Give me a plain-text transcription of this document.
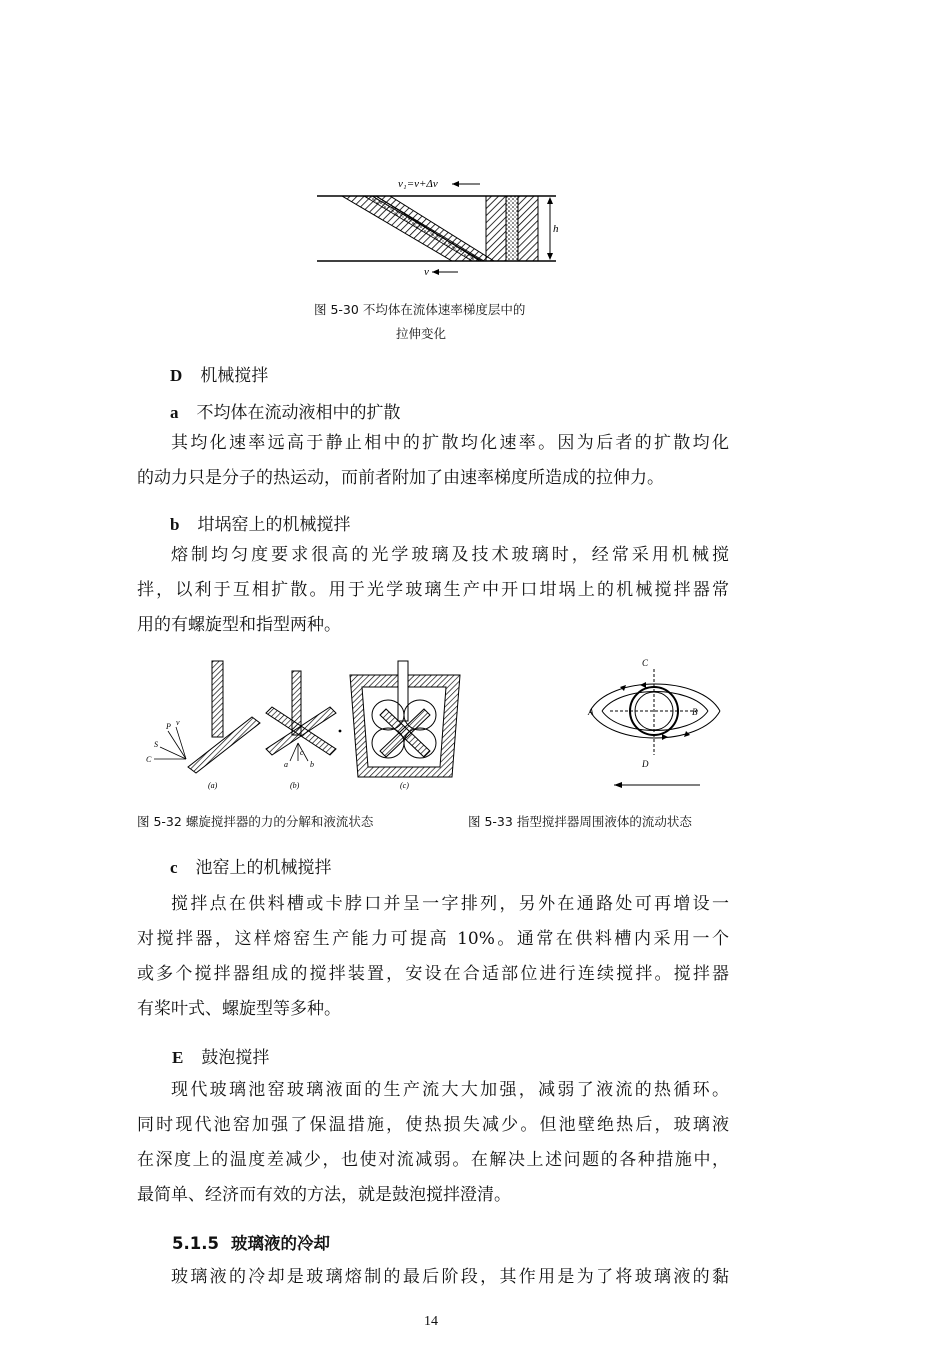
h
v₁=v+Δv
v
图 5-30 不均体在流体速率梯度层中的
拉伸变化
D 机械搅拌
a 不均体在流动液相中的扩散
其均化速率远高于静止相中的扩散均化速率。因为后者的扩散均化
的动力只是分子的热运动，而前者附加了由速率梯度所造成的拉伸力。
b 坩埚窑上的机械搅拌
熔制均匀度要求很高的光学玻璃及技术玻璃时，经常采用机械搅
拌，以利于互相扩散。用于光学玻璃生产中开口坩埚上的机械搅拌器常
用的有螺旋型和指型两种。
P v
S
C
(a)
a
c
b
(b)	(c)
A	B
C
D
图 5-32 螺旋搅拌器的力的分解和液流状态	图 5-33 指型搅拌器周围液体的流动状态
c 池窑上的机械搅拌
搅拌点在供料槽或卡脖口并呈一字排列，另外在通路处可再增设一
对搅拌器，这样熔窑生产能力可提高 10%。通常在供料槽内采用一个
或多个搅拌器组成的搅拌装置，安设在合适部位进行连续搅拌。搅拌器
有桨叶式、螺旋型等多种。
E 鼓泡搅拌
现代玻璃池窑玻璃液面的生产流大大加强，减弱了液流的热循环。
同时现代池窑加强了保温措施，使热损失减少。但池壁绝热后，玻璃液
在深度上的温度差减少，也使对流减弱。在解决上述问题的各种措施中，
最简单、经济而有效的方法，就是鼓泡搅拌澄清。
5.1.5 玻璃液的冷却
玻璃液的冷却是玻璃熔制的最后阶段，其作用是为了将玻璃液的黏
14
